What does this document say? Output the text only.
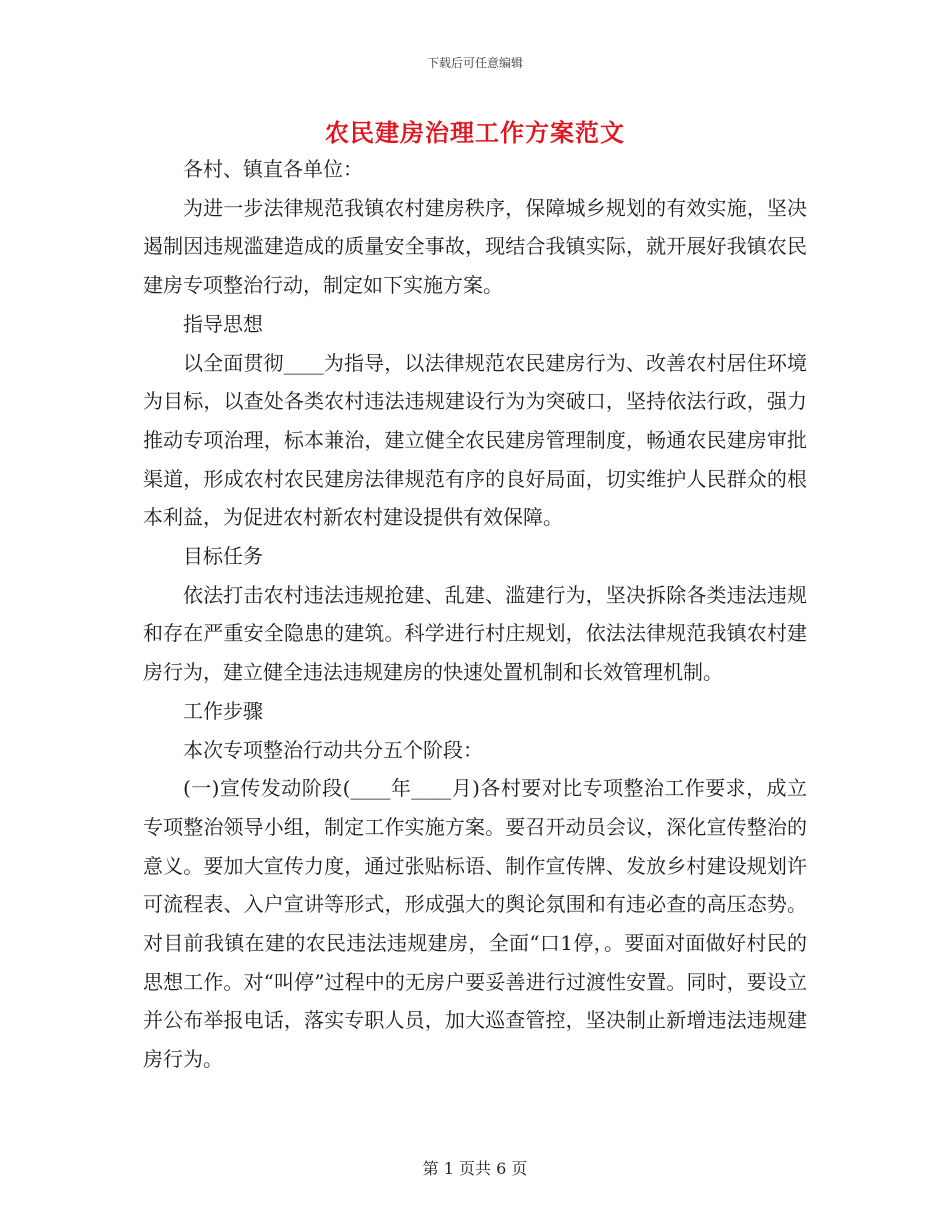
下载后可任意编辑
农民建房治理工作方案范文

各村、镇直各单位：

为进一步法律规范我镇农村建房秩序，保障城乡规划的有效实施，坚决遏制因违规滥建造成的质量安全事故，现结合我镇实际，就开展好我镇农民建房专项整治行动，制定如下实施方案。

指导思想

以全面贯彻____为指导，以法律规范农民建房行为、改善农村居住环境为目标，以查处各类农村违法违规建设行为为突破口，坚持依法行政，强力推动专项治理，标本兼治，建立健全农民建房管理制度，畅通农民建房审批渠道，形成农村农民建房法律规范有序的良好局面，切实维护人民群众的根本利益，为促进农村新农村建设提供有效保障。

目标任务

依法打击农村违法违规抢建、乱建、滥建行为，坚决拆除各类违法违规和存在严重安全隐患的建筑。科学进行村庄规划，依法法律规范我镇农村建房行为，建立健全违法违规建房的快速处置机制和长效管理机制。

工作步骤

本次专项整治行动共分五个阶段：

(一)宣传发动阶段(____年____月)各村要对比专项整治工作要求，成立专项整治领导小组，制定工作实施方案。要召开动员会议，深化宣传整治的意义。要加大宣传力度，通过张贴标语、制作宣传牌、发放乡村建设规划许可流程表、入户宣讲等形式，形成强大的舆论氛围和有违必查的高压态势。对目前我镇在建的农民违法违规建房，全面“口1停，。要面对面做好村民的思想工作。对“叫停”过程中的无房户要妥善进行过渡性安置。同时，要设立并公布举报电话，落实专职人员，加大巡查管控，坚决制止新增违法违规建房行为。

第 1 页共 6 页
